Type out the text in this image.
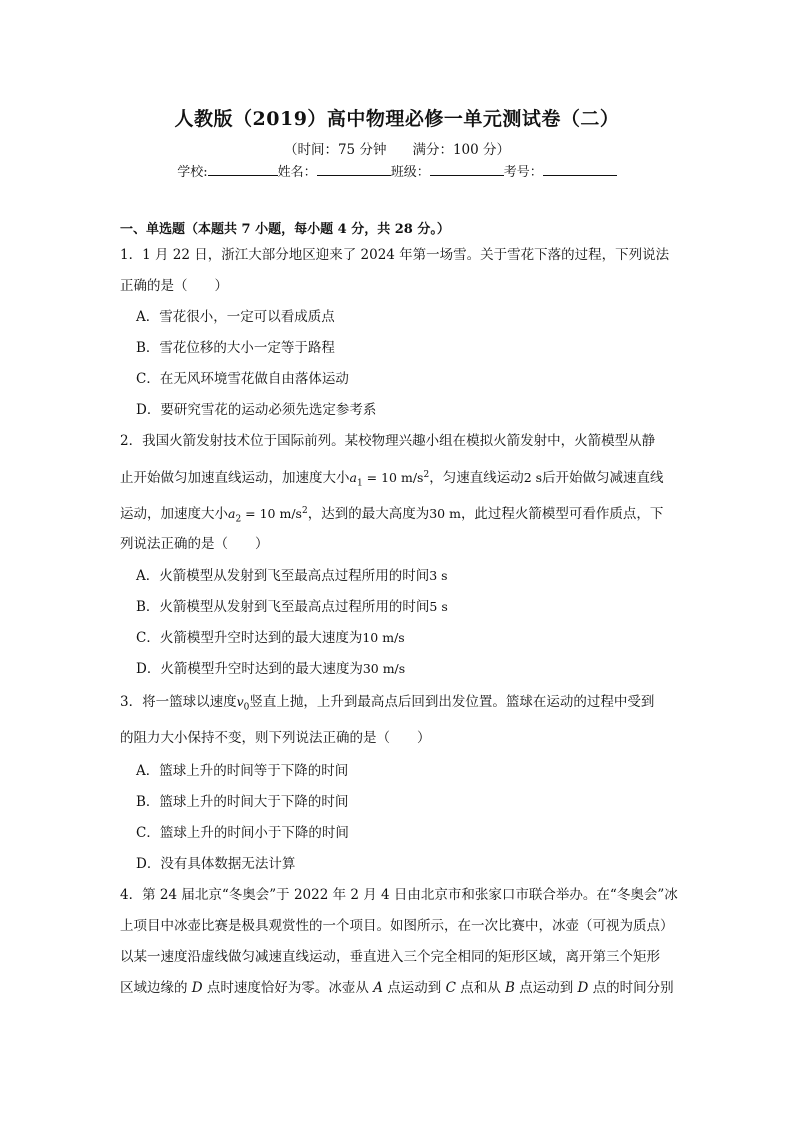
人教版（2019）高中物理必修一单元测试卷（二）
（时间：75 分钟 满分：100 分）
学校:	姓名：	班级：	考号：
一、单选题（本题共 7 小题，每小题 4 分，共 28 分。）
1．1 月 22 日，浙江大部分地区迎来了 2024 年第一场雪。关于雪花下落的过程，下列说法
正确的是（　　）
A．雪花很小，一定可以看成质点
B．雪花位移的大小一定等于路程
C．在无风环境雪花做自由落体运动
D．要研究雪花的运动必须先选定参考系
2．我国火箭发射技术位于国际前列。某校物理兴趣小组在模拟火箭发射中，火箭模型从静
止开始做匀加速直线运动，加速度大小$a_1 = 10$ $m/s^2$，匀速直线运动2 s后开始做匀减速直线
运动，加速度大小$a_2 = 10$ $m/s^2$，达到的最大高度为30 m，此过程火箭模型可看作质点，下
列说法正确的是（　　）
A．火箭模型从发射到飞至最高点过程所用的时间3 s
B．火箭模型从发射到飞至最高点过程所用的时间5 s
C．火箭模型升空时达到的最大速度为10 m/s
D．火箭模型升空时达到的最大速度为30 m/s
3．将一篮球以速度$v_0$竖直上抛，上升到最高点后回到出发位置。篮球在运动的过程中受到
的阻力大小保持不变，则下列说法正确的是（　　）
A．篮球上升的时间等于下降的时间
B．篮球上升的时间大于下降的时间
C．篮球上升的时间小于下降的时间
D．没有具体数据无法计算
4．第 24 届北京“冬奥会”于 2022 年 2 月 4 日由北京市和张家口市联合举办。在“冬奥会”冰
上项目中冰壶比赛是极具观赏性的一个项目。如图所示，在一次比赛中，冰壶（可视为质点）
以某一速度沿虚线做匀减速直线运动，垂直进入三个完全相同的矩形区域，离开第三个矩形
区域边缘的 D 点时速度恰好为零。冰壶从 A 点运动到 C 点和从 B 点运动到 D 点的时间分别
